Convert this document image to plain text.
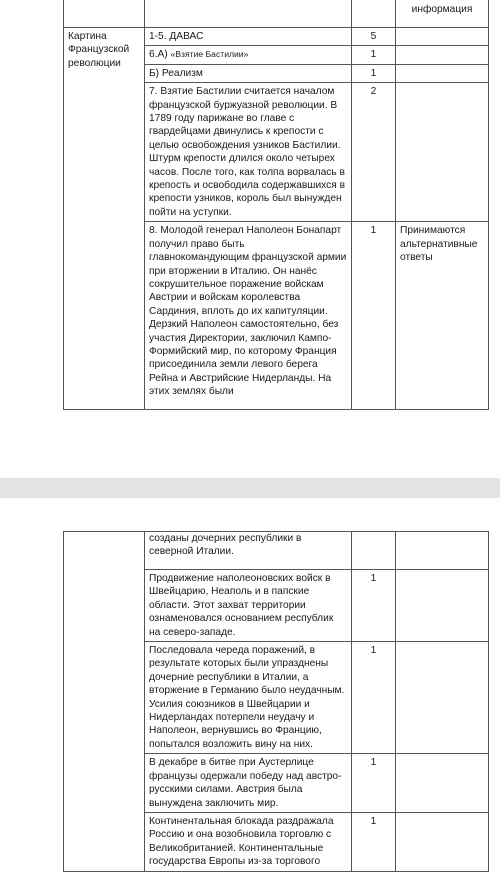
			информация
Картина Французской революции	1-5. ДАВАС	5	
	6.А) «Взятие Бастилии»	1	
	Б) Реализм	1	
	7. Взятие Бастилии считается началом французской буржуазной революции. В 1789 году парижане во главе с гвардейцами двинулись к крепости с целью освобождения узников Бастилии. Штурм крепости длился около четырех часов. После того, как толпа ворвалась в крепость и освободила содержавшихся в крепости узников, король был вынужден пойти на уступки.	2	

	8. Молодой генерал Наполеон Бонапарт получил право быть главнокомандующим французской армии при вторжении в Италию. Он нанёс сокрушительное поражение войскам Австрии и войскам королевства Сардиния, вплоть до их капитуляции. Дерзкий Наполеон самостоятельно, без участия Директории, заключил Кампо-Формийский мир, по которому Франция присоединила земли левого берега Рейна и Австрийские Нидерланды. На этих землях были	1	Принимаются альтернативные ответы

	созданы дочерних республики в северной Италии.		

	Продвижение наполеоновских войск в Швейцарию, Неаполь и в папские области. Этот захват территории ознаменовался основанием республик на северо-западе.	1	
	Последовала череда поражений, в результате которых были упразднены дочерние республики в Италии, а вторжение в Германию было неудачным. Усилия союзников в Швейцарии и Нидерландах потерпели неудачу и Наполеон, вернувшись во Францию, попытался возложить вину на них.	1	
	В декабре в битве при Аустерлице французы одержали победу над австро-русскими силами. Австрия была вынуждена заключить мир.	1	
	Континентальная блокада раздражала Россию и она возобновила торговлю с Великобританией. Континентальные государства Европы из-за торгового	1	
